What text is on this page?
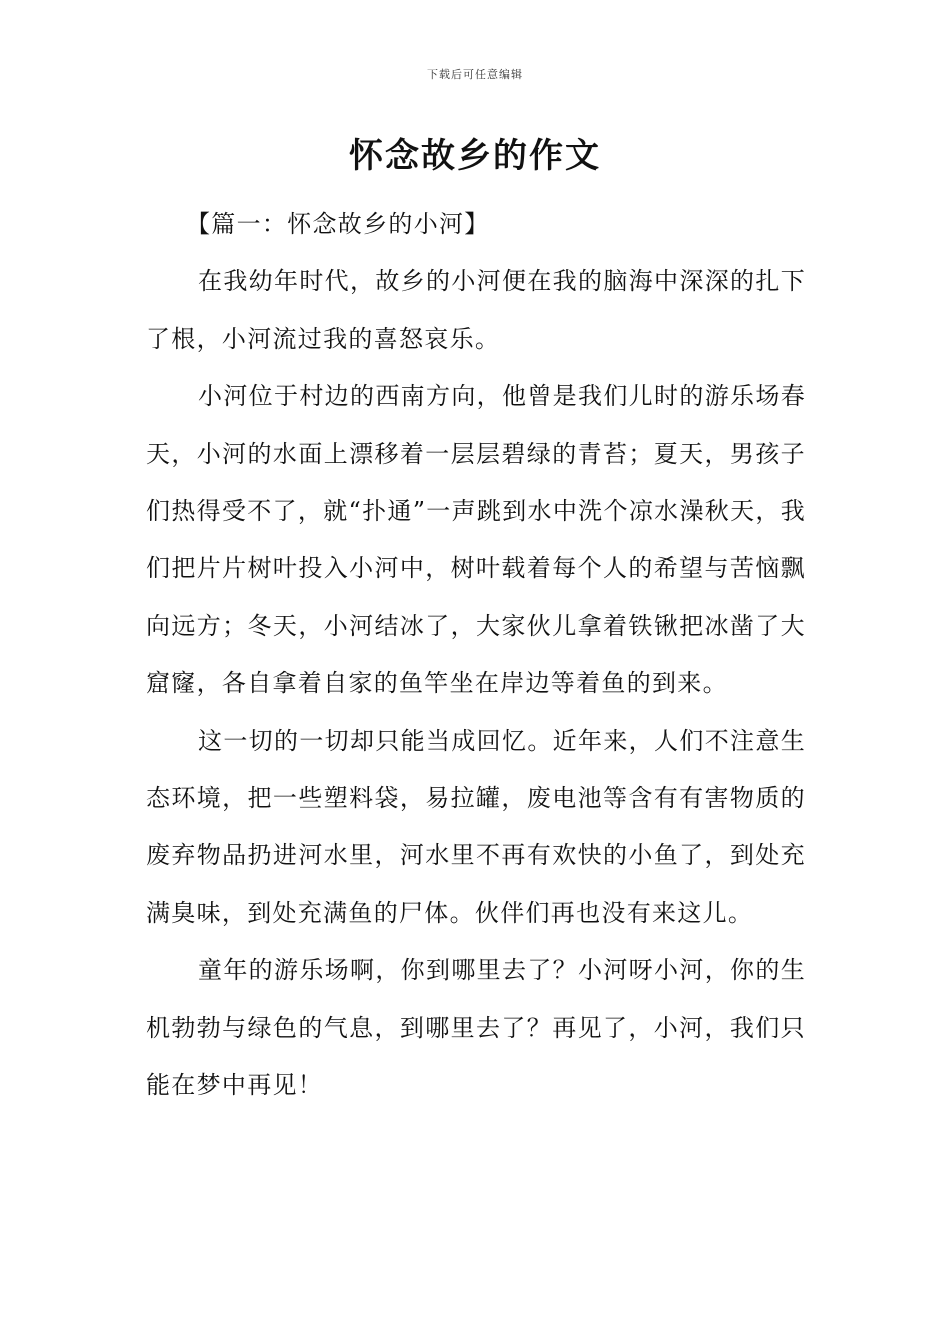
下载后可任意编辑
怀念故乡的作文
【篇一：怀念故乡的小河】

在我幼年时代，故乡的小河便在我的脑海中深深的扎下了根，小河流过我的喜怒哀乐。

小河位于村边的西南方向，他曾是我们儿时的游乐场春天，小河的水面上漂移着一层层碧绿的青苔；夏天，男孩子们热得受不了，就“扑通”一声跳到水中洗个凉水澡秋天，我们把片片树叶投入小河中，树叶载着每个人的希望与苦恼飘向远方；冬天，小河结冰了，大家伙儿拿着铁锹把冰凿了大窟窿，各自拿着自家的鱼竿坐在岸边等着鱼的到来。

这一切的一切却只能当成回忆。近年来，人们不注意生态环境，把一些塑料袋，易拉罐，废电池等含有有害物质的废弃物品扔进河水里，河水里不再有欢快的小鱼了，到处充满臭味，到处充满鱼的尸体。伙伴们再也没有来这儿。

童年的游乐场啊，你到哪里去了？小河呀小河，你的生机勃勃与绿色的气息，到哪里去了？再见了，小河，我们只能在梦中再见！
